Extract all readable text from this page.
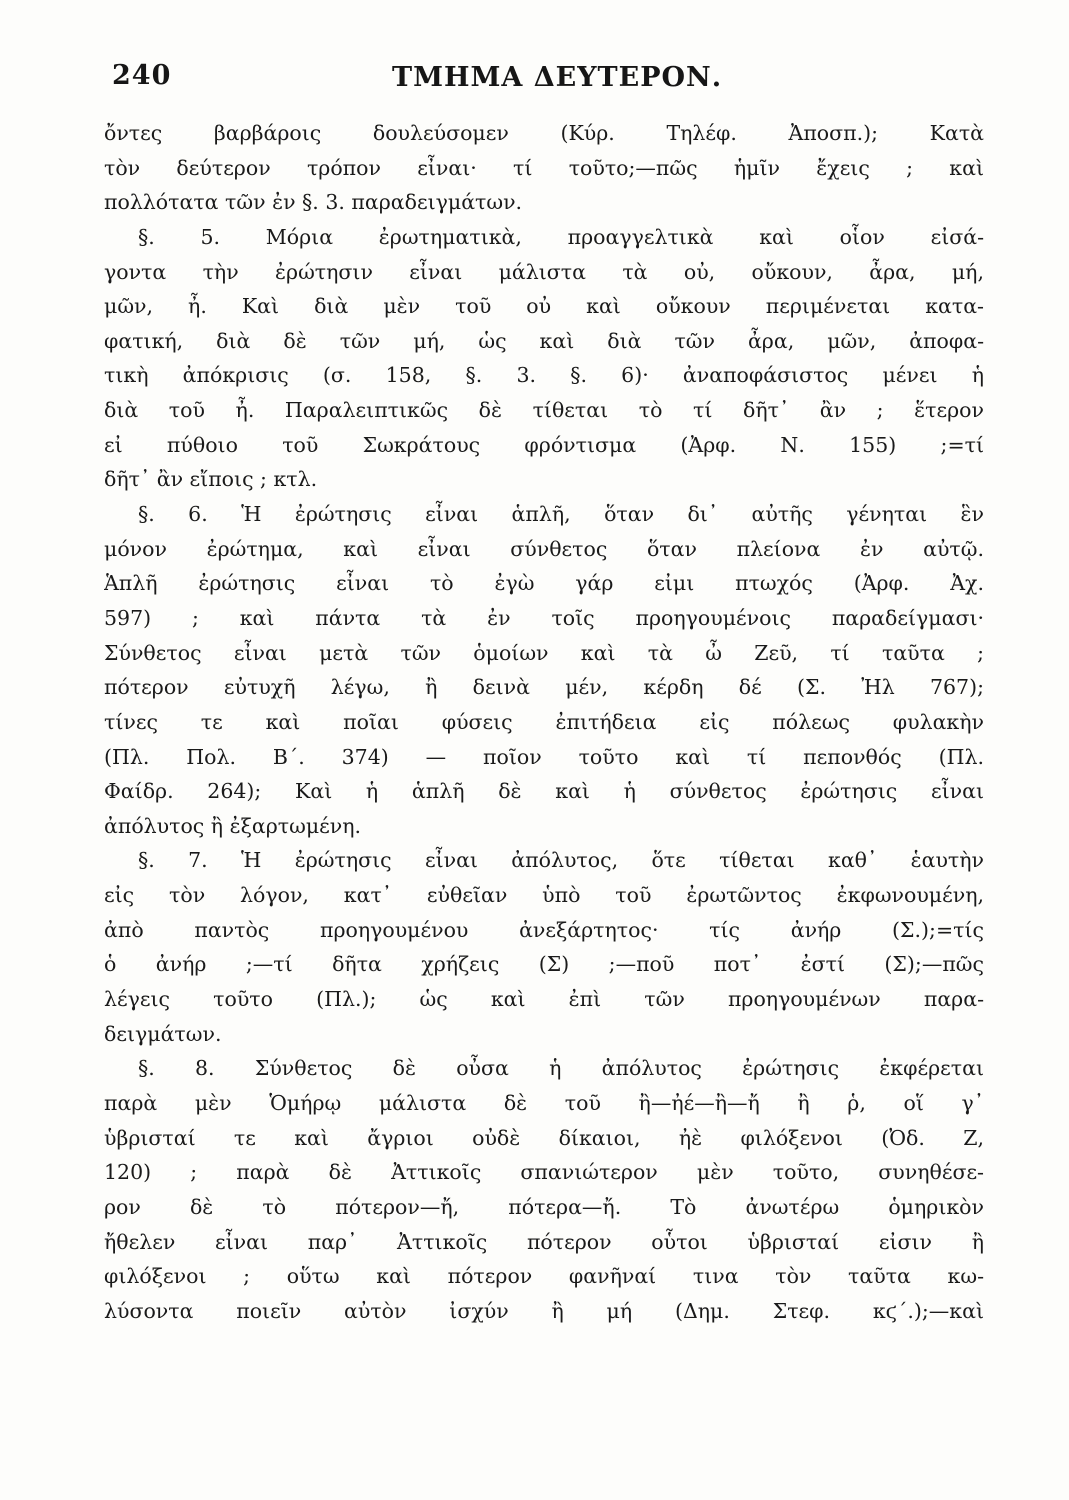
240	ΤΜΗΜΑ ΔΕΥΤΕΡΟΝ.
ὄντες βαρβάροις δουλεύσομεν (Κύρ. Τηλέφ. Ἀποσπ.); Κατὰ
τὸν δεύτερον τρόπον εἶναι· τί τοῦτο;—πῶς ἡμῖν ἔχεις ; καὶ
πολλότατα τῶν ἐν §. 3. παραδειγμάτων.
§. 5. Μόρια ἐρωτηματικὰ, προαγγελτικὰ καὶ οἷον εἰσά-
γοντα τὴν ἐρώτησιν εἶναι μάλιστα τὰ οὐ, οὔκουν, ἆρα, μή,
μῶν, ἦ. Καὶ διὰ μὲν τοῦ οὐ καὶ οὔκουν περιμένεται κατα-
φατική, διὰ δὲ τῶν μή, ὡς καὶ διὰ τῶν ἆρα, μῶν, ἀποφα-
τικὴ ἀπόκρισις (σ. 158, §. 3. §. 6)· ἀναποφάσιστος μένει ἡ
διὰ τοῦ ἦ. Παραλειπτικῶς δὲ τίθεται τὸ τί δῆτ᾽ ἂν ; ἕτερον
εἰ πύθοιο τοῦ Σωκράτους φρόντισμα (Ἀρφ. Ν. 155) ;=τί
δῆτ᾽ ἂν εἴποις ; κτλ.
§. 6. Ἡ ἐρώτησις εἶναι ἁπλῆ, ὅταν δι᾽ αὐτῆς γένηται ἓν
μόνον ἐρώτημα, καὶ εἶναι σύνθετος ὅταν πλείονα ἐν αὐτῷ.
Ἁπλῆ ἐρώτησις εἶναι τὸ ἐγὼ γάρ εἰμι πτωχός (Ἀρφ. Ἀχ.
597) ; καὶ πάντα τὰ ἐν τοῖς προηγουμένοις παραδείγμασι·
Σύνθετος εἶναι μετὰ τῶν ὁμοίων καὶ τὰ ὦ Ζεῦ, τί ταῦτα ;
πότερον εὐτυχῆ λέγω, ἢ δεινὰ μέν, κέρδη δέ (Σ. Ἠλ 767);
τίνες τε καὶ ποῖαι φύσεις ἐπιτήδεια εἰς πόλεως φυλακὴν
(Πλ. Πολ. Β΄. 374) — ποῖον τοῦτο καὶ τί πεπονθός (Πλ.
Φαίδρ. 264); Καὶ ἡ ἁπλῆ δὲ καὶ ἡ σύνθετος ἐρώτησις εἶναι
ἀπόλυτος ἢ ἐξαρτωμένη.
§. 7. Ἡ ἐρώτησις εἶναι ἀπόλυτος, ὅτε τίθεται καθ᾽ ἑαυτὴν
εἰς τὸν λόγον, κατ᾽ εὐθεῖαν ὑπὸ τοῦ ἐρωτῶντος ἐκφωνουμένη,
ἀπὸ παντὸς προηγουμένου ἀνεξάρτητος· τίς ἀνήρ (Σ.);=τίς
ὁ ἀνήρ ;—τί δῆτα χρήζεις (Σ) ;—ποῦ ποτ᾽ ἐστί (Σ);—πῶς
λέγεις τοῦτο (Πλ.); ὡς καὶ ἐπὶ τῶν προηγουμένων παρα-
δειγμάτων.
§. 8. Σύνθετος δὲ οὖσα ἡ ἀπόλυτος ἐρώτησις ἐκφέρεται
παρὰ μὲν Ὁμήρῳ μάλιστα δὲ τοῦ ἢ—ἠέ—ἢ—ἤ ἢ ῥ, οἵ γ᾽
ὑβρισταί τε καὶ ἄγριοι οὐδὲ δίκαιοι, ἠὲ φιλόξενοι (Ὀδ. Ζ,
120) ; παρὰ δὲ Ἀττικοῖς σπανιώτερον μὲν τοῦτο, συνηθέσε-
ρον δὲ τὸ πότερον—ἤ, πότερα—ἤ. Τὸ ἀνωτέρω ὁμηρικὸν
ἤθελεν εἶναι παρ᾽ Ἀττικοῖς πότερον οὗτοι ὑβρισταί εἰσιν ἢ
φιλόξενοι ; οὕτω καὶ πότερον φανῆναί τινα τὸν ταῦτα κω-
λύσοντα ποιεῖν αὐτὸν ἰσχύν ἢ μή (Δημ. Στεφ. κϛ΄.);—καὶ
